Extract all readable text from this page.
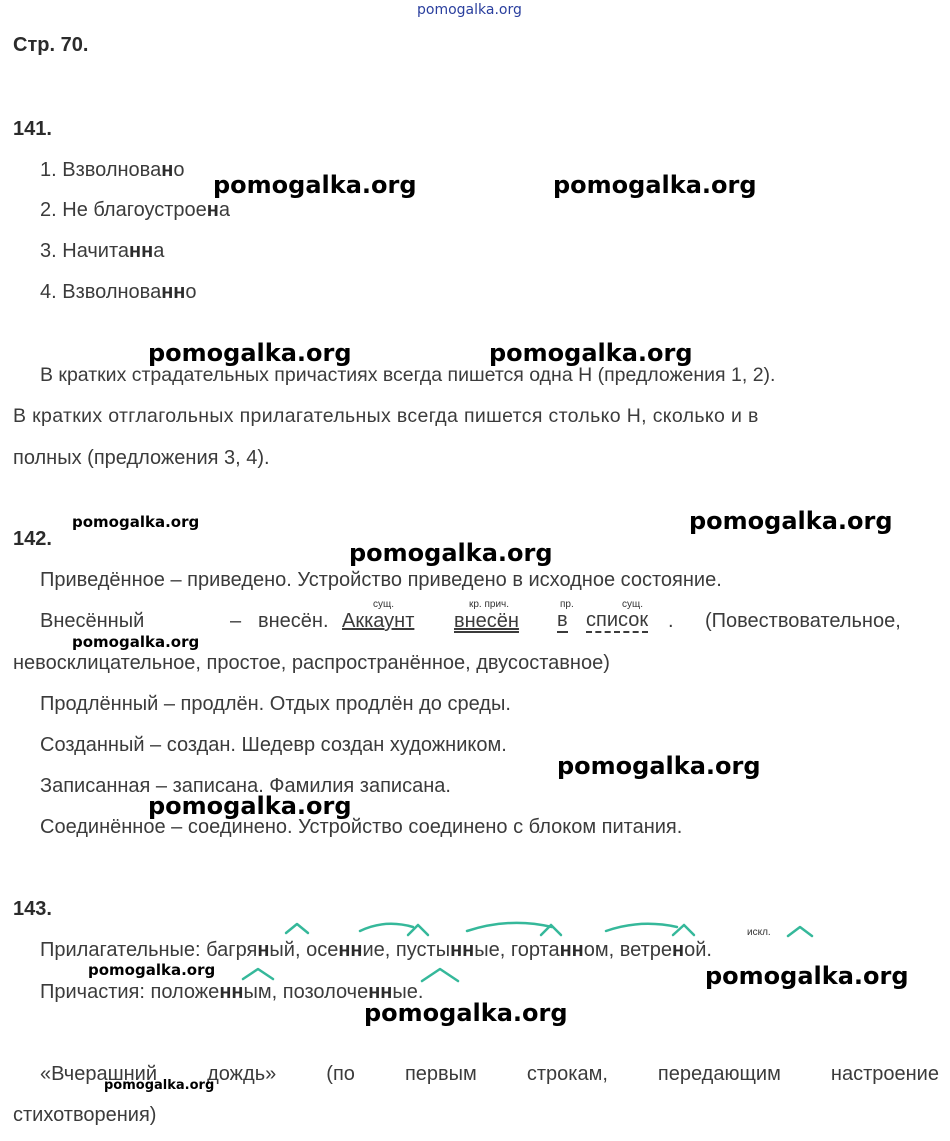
pomogalka.org
Стр. 70.
141.
1. Взволновано
2. Не благоустроена
3. Начитанна
4. Взволнованно
В кратких страдательных причастиях всегда пишется одна Н (предложения 1, 2).
В кратких отглагольных прилагательных всегда пишется столько Н, сколько и в
полных (предложения 3, 4).
142.
Приведённое – приведено. Устройство приведено в исходное состояние.
Внесённый	– внесён. Аккаунт внесён в список . (Повествовательное,
сущ.	кр. прич.	пр.	сущ.
невосклицательное, простое, распространённое, двусоставное)
Продлённый – продлён. Отдых продлён до среды.
Созданный – создан. Шедевр создан художником.
Записанная – записана. Фамилия записана.
Соединённое – соединено. Устройство соединено с блоком питания.
143.
искл.
Прилагательные: багряный, осенние, пустынные, гортанном, ветреной.
Причастия: положенным, позолоченные.
«Вчерашний	дождь»	(по	первым	строкам,	передающим	настроение
стихотворения)
pomogalka.org	pomogalka.org
pomogalka.org	pomogalka.org
pomogalka.org	pomogalka.org
pomogalka.org
pomogalka.org
pomogalka.org
pomogalka.org
pomogalka.org	pomogalka.org
pomogalka.org
pomogalka.org
